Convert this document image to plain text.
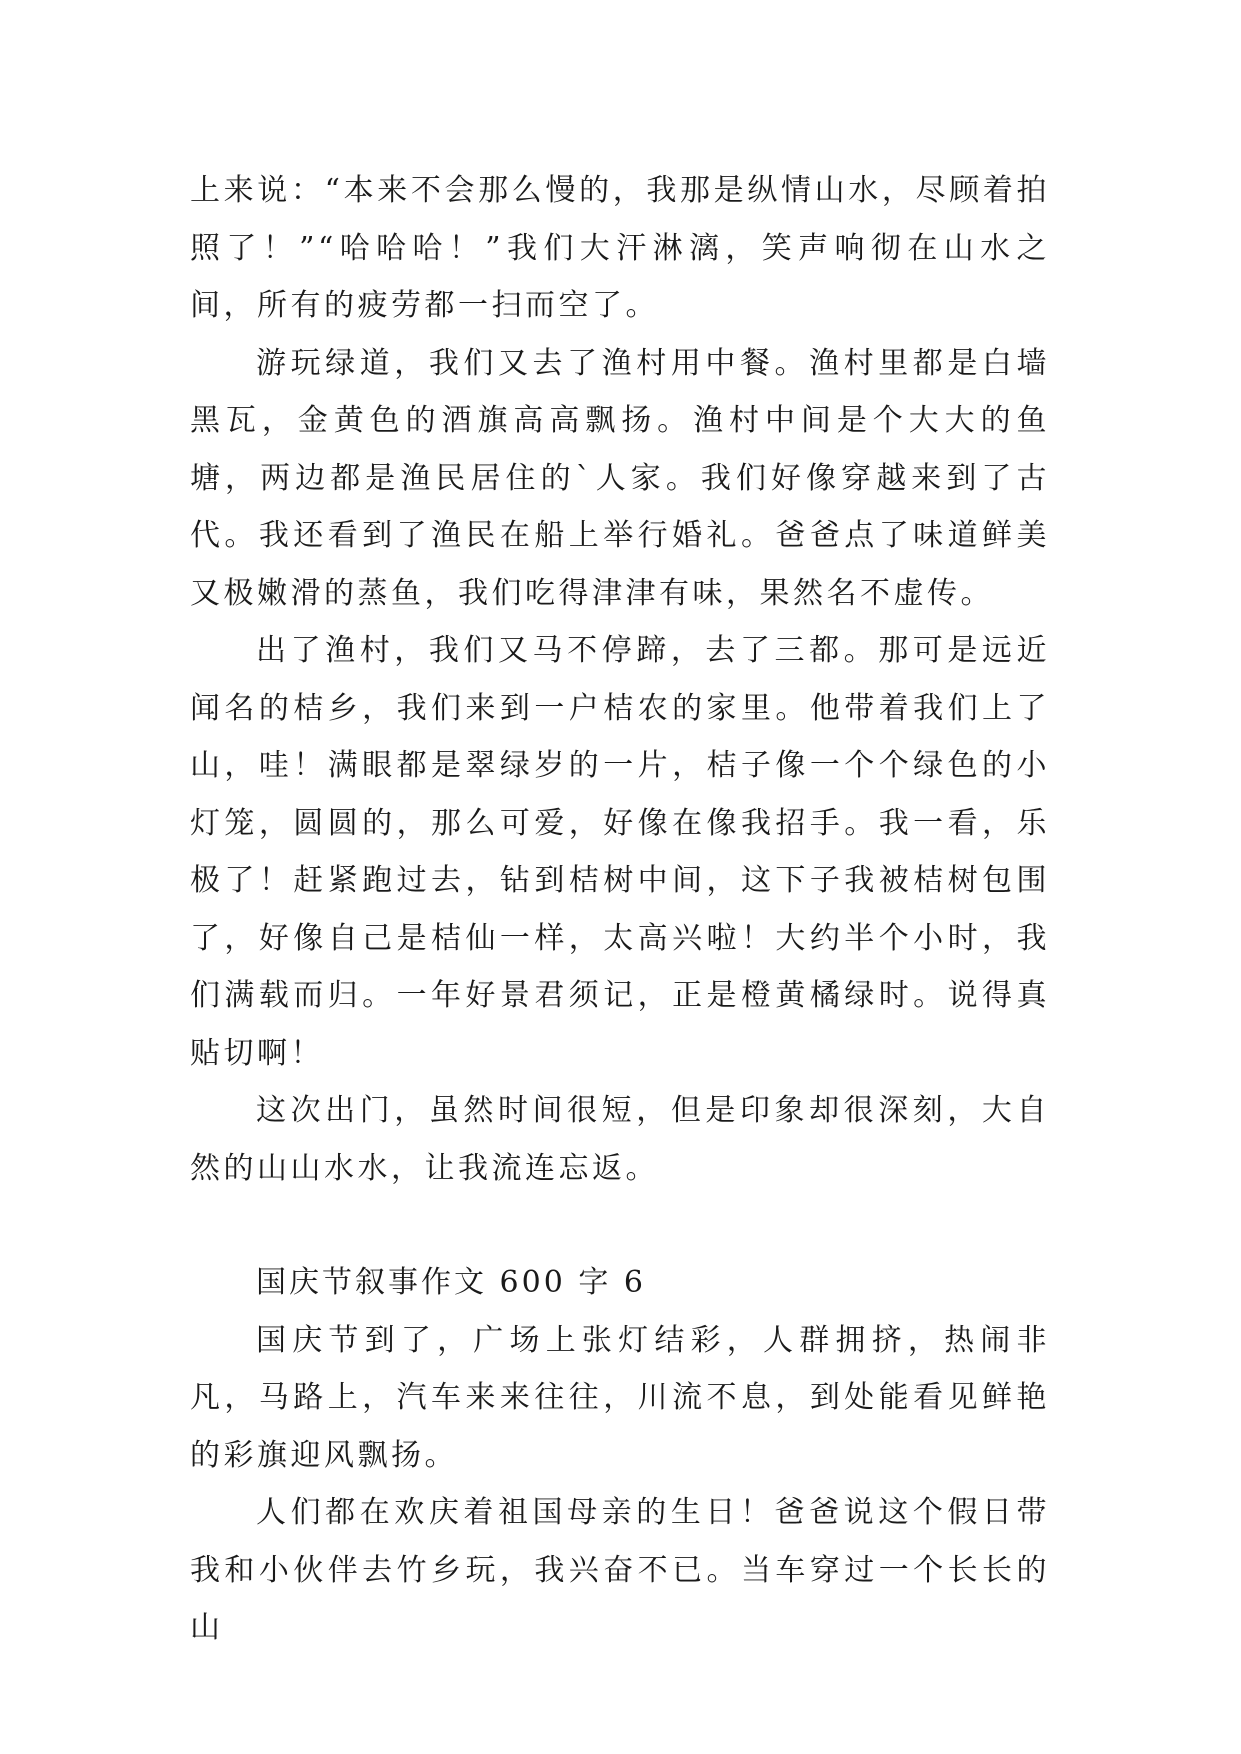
上来说：“本来不会那么慢的，我那是纵情山水，尽顾着拍照了！”“哈哈哈！”我们大汗淋漓，笑声响彻在山水之间，所有的疲劳都一扫而空了。

游玩绿道，我们又去了渔村用中餐。渔村里都是白墙黑瓦，金黄色的酒旗高高飘扬。渔村中间是个大大的鱼塘，两边都是渔民居住的`人家。我们好像穿越来到了古代。我还看到了渔民在船上举行婚礼。爸爸点了味道鲜美又极嫩滑的蒸鱼，我们吃得津津有味，果然名不虚传。

出了渔村，我们又马不停蹄，去了三都。那可是远近闻名的桔乡，我们来到一户桔农的家里。他带着我们上了山，哇！满眼都是翠绿岁的一片，桔子像一个个绿色的小灯笼，圆圆的，那么可爱，好像在像我招手。我一看，乐极了！赶紧跑过去，钻到桔树中间，这下子我被桔树包围了，好像自己是桔仙一样，太高兴啦！大约半个小时，我们满载而归。一年好景君须记，正是橙黄橘绿时。说得真贴切啊！

这次出门，虽然时间很短，但是印象却很深刻，大自然的山山水水，让我流连忘返。

国庆节叙事作文 600 字 6

国庆节到了，广场上张灯结彩，人群拥挤，热闹非凡，马路上，汽车来来往往，川流不息，到处能看见鲜艳的彩旗迎风飘扬。

人们都在欢庆着祖国母亲的生日！爸爸说这个假日带我和小伙伴去竹乡玩，我兴奋不已。当车穿过一个长长的山
